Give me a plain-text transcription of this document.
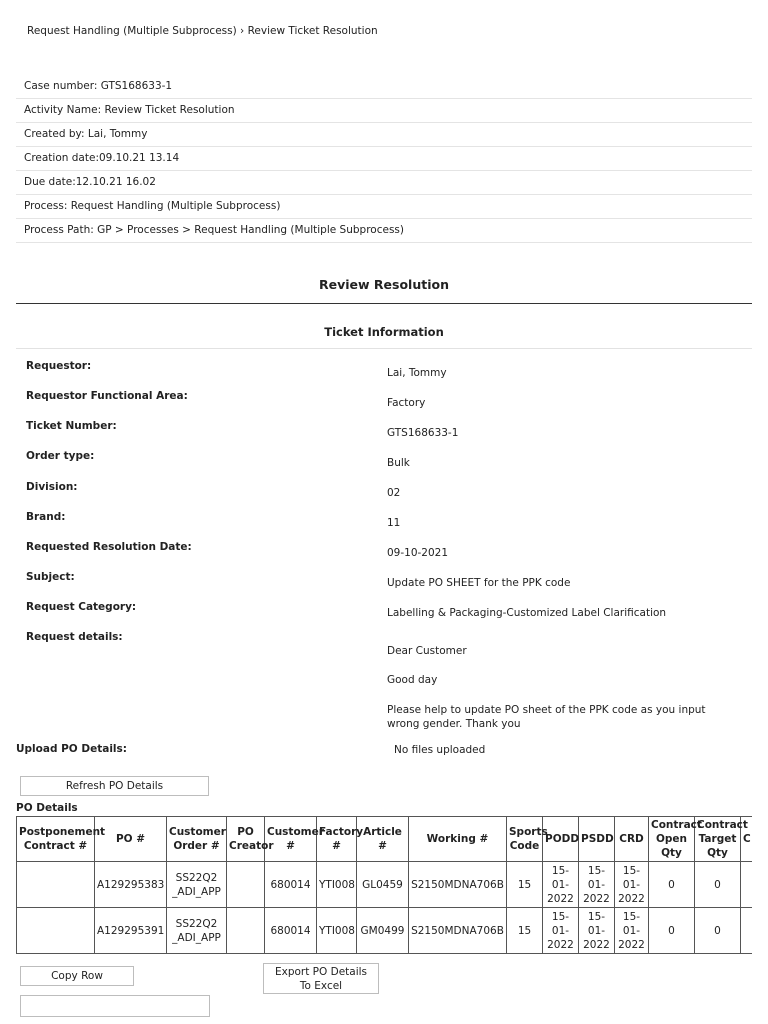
Request Handling (Multiple Subprocess) › Review Ticket Resolution
Case number: GTS168633-1
Activity Name: Review Ticket Resolution
Created by: Lai, Tommy
Creation date:09.10.21 13.14
Due date:12.10.21 16.02
Process: Request Handling (Multiple Subprocess)
Process Path: GP > Processes > Request Handling (Multiple Subprocess)
Review Resolution
Ticket Information
Requestor:
Lai, Tommy
Requestor Functional Area:
Factory
Ticket Number:
GTS168633-1
Order type:
Bulk
Division:	02
Brand:	11
Requested Resolution Date:	09-10-2021
Subject:	Update PO SHEET for the PPK code
Request Category:	Labelling & Packaging-Customized Label Clarification
Request details:
Dear Customer
Good day
Please help to update PO sheet of the PPK code as you input wrong gender. Thank you
Upload PO Details:	No files uploaded
Refresh PO Details
PO Details
Postponement Contract #	PO #	Customer Order #	PO Creator	Customer #	Factory #	Article #	Working #	Sports Code	PODD	PSDD	CRD	Contract Open Qty	Contract Target Qty	C
	A129295383	SS22Q2 _ADI_APP		680014	YTI008	GL0459	S2150MDNA706B	15	15-01-2022	15-01-2022	15-01-2022	0	0	
	A129295391	SS22Q2 _ADI_APP		680014	YTI008	GM0499	S2150MDNA706B	15	15-01-2022	15-01-2022	15-01-2022	0	0	
Copy Row	Export PO Details To Excel
